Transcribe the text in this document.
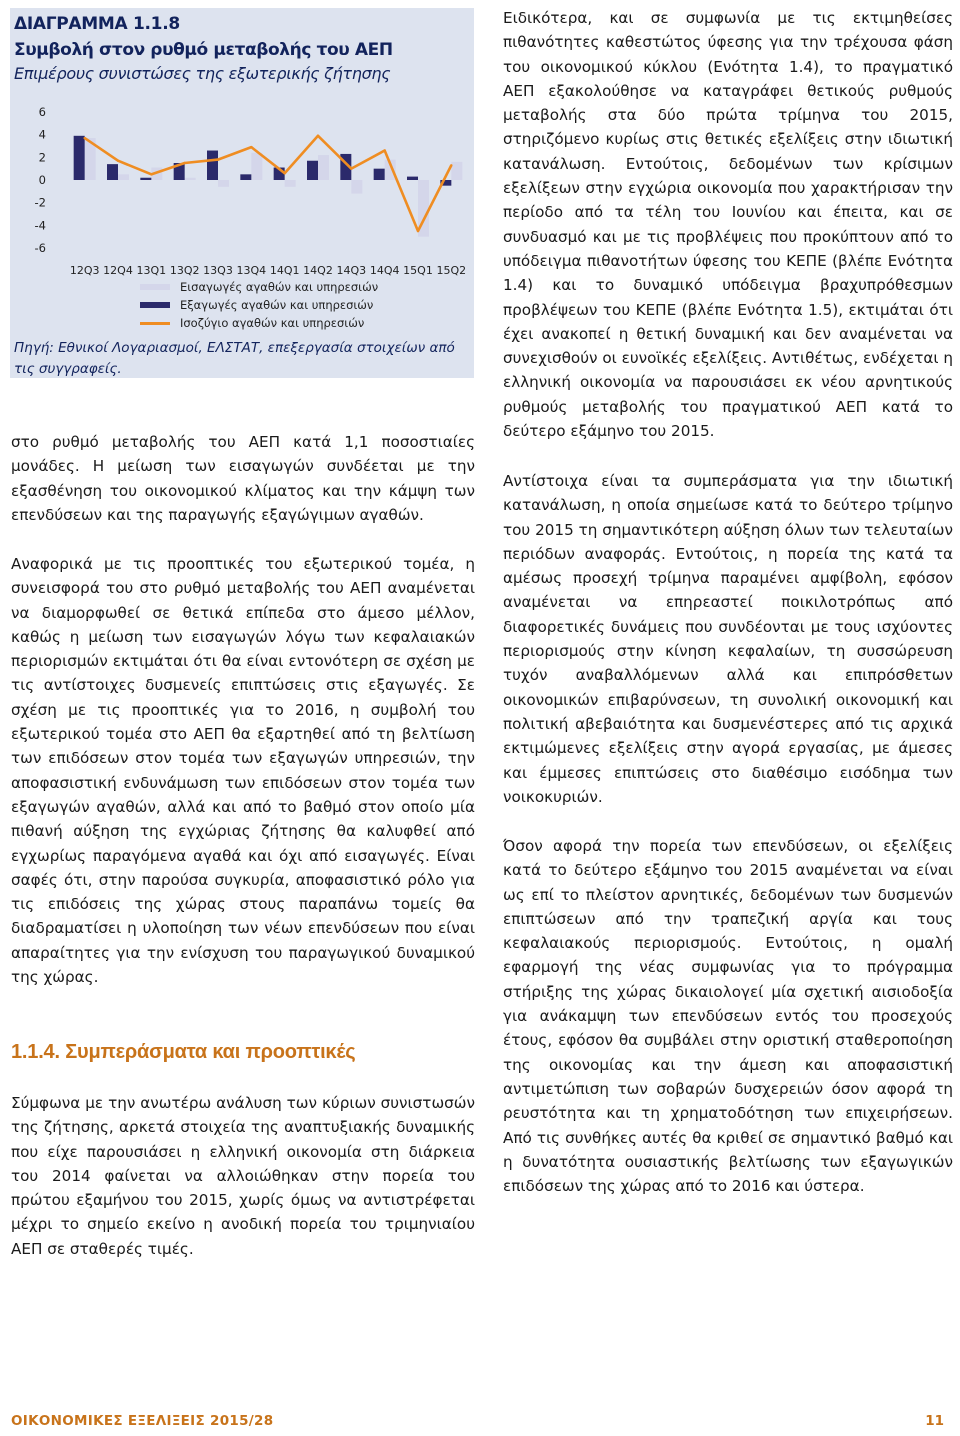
ΔΙΑΓΡΑΜΜΑ 1.1.8
Συμβολή στον ρυθμό μεταβολής του ΑΕΠ
Επιμέρους συνιστώσες της εξωτερικής ζήτησης
6
4
2
0
-2
-4
-6
12Q3 12Q4 13Q1 13Q2 13Q3 13Q4 14Q1 14Q2 14Q3 14Q4 15Q1 15Q2
Εισαγωγές αγαθών και υπηρεσιών
Εξαγωγές αγαθών και υπηρεσιών
Ισοζύγιο αγαθών και υπηρεσιών

Πηγή: Εθνικοί Λογαριασμοί, ΕΛΣΤΑΤ, επεξεργασία στοιχείων από τις συγγραφείς.

στο ρυθμό μεταβολής του ΑΕΠ κατά 1,1 ποσοστιαίες μονάδες. Η μείωση των εισαγωγών συνδέεται με την εξασθένηση του οικονομικού κλίματος και την κάμψη των επενδύσεων και της παραγωγής εξαγώγιμων αγαθών.

Αναφορικά με τις προοπτικές του εξωτερικού τομέα, η συνεισφορά του στο ρυθμό μεταβολής του ΑΕΠ αναμένεται να διαμορφωθεί σε θετικά επίπεδα στο άμεσο μέλλον, καθώς η μείωση των εισαγωγών λόγω των κεφαλαιακών περιορισμών εκτιμάται ότι θα είναι εντονότερη σε σχέση με τις αντίστοιχες δυσμενείς επιπτώσεις στις εξαγωγές. Σε σχέση με τις προοπτικές για το 2016, η συμβολή του εξωτερικού τομέα στο ΑΕΠ θα εξαρτηθεί από τη βελτίωση των επιδόσεων στον τομέα των εξαγωγών υπηρεσιών, την αποφασιστική ενδυνάμωση των επιδόσεων στον τομέα των εξαγωγών αγαθών, αλλά και από το βαθμό στον οποίο μία πιθανή αύξηση της εγχώριας ζήτησης θα καλυφθεί από εγχωρίως παραγόμενα αγαθά και όχι από εισαγωγές. Είναι σαφές ότι, στην παρούσα συγκυρία, αποφασιστικό ρόλο για τις επιδόσεις της χώρας στους παραπάνω τομείς θα διαδραματίσει η υλοποίηση των νέων επενδύσεων που είναι απαραίτητες για την ενίσχυση του παραγωγικού δυναμικού της χώρας.

1.1.4. Συμπεράσματα και προοπτικές

Σύμφωνα με την ανωτέρω ανάλυση των κύριων συνιστωσών της ζήτησης, αρκετά στοιχεία της αναπτυξιακής δυναμικής που είχε παρουσιάσει η ελληνική οικονομία στη διάρκεια του 2014 φαίνεται να αλλοιώθηκαν στην πορεία του πρώτου εξαμήνου του 2015, χωρίς όμως να αντιστρέφεται μέχρι το σημείο εκείνο η ανοδική πορεία του τριμηνιαίου ΑΕΠ σε σταθερές τιμές.

Ειδικότερα, και σε συμφωνία με τις εκτιμηθείσες πιθανότητες καθεστώτος ύφεσης για την τρέχουσα φάση του οικονομικού κύκλου (Ενότητα 1.4), το πραγματικό ΑΕΠ εξακολούθησε να καταγράφει θετικούς ρυθμούς μεταβολής στα δύο πρώτα τρίμηνα του 2015, στηριζόμενο κυρίως στις θετικές εξελίξεις στην ιδιωτική κατανάλωση. Εντούτοις, δεδομένων των κρίσιμων εξελίξεων στην εγχώρια οικονομία που χαρακτήρισαν την περίοδο από τα τέλη του Ιουνίου και έπειτα, και σε συνδυασμό και με τις προβλέψεις που προκύπτουν από το υπόδειγμα πιθανοτήτων ύφεσης του ΚΕΠΕ (βλέπε Ενότητα 1.4) και το δυναμικό υπόδειγμα βραχυπρόθεσμων προβλέψεων του ΚΕΠΕ (βλέπε Ενότητα 1.5), εκτιμάται ότι έχει ανακοπεί η θετική δυναμική και δεν αναμένεται να συνεχισθούν οι ευνοϊκές εξελίξεις. Αντιθέτως, ενδέχεται η ελληνική οικονομία να παρουσιάσει εκ νέου αρνητικούς ρυθμούς μεταβολής του πραγματικού ΑΕΠ κατά το δεύτερο εξάμηνο του 2015.

Αντίστοιχα είναι τα συμπεράσματα για την ιδιωτική κατανάλωση, η οποία σημείωσε κατά το δεύτερο τρίμηνο του 2015 τη σημαντικότερη αύξηση όλων των τελευταίων περιόδων αναφοράς. Εντούτοις, η πορεία της κατά τα αμέσως προσεχή τρίμηνα παραμένει αμφίβολη, εφόσον αναμένεται να επηρεαστεί ποικιλοτρόπως από διαφορετικές δυνάμεις που συνδέονται με τους ισχύοντες περιορισμούς στην κίνηση κεφαλαίων, τη συσσώρευση τυχόν αναβαλλόμενων αλλά και επιπρόσθετων οικονομικών επιβαρύνσεων, τη συνολική οικονομική και πολιτική αβεβαιότητα και δυσμενέστερες από τις αρχικά εκτιμώμενες εξελίξεις στην αγορά εργασίας, με άμεσες και έμμεσες επιπτώσεις στο διαθέσιμο εισόδημα των νοικοκυριών.

Όσον αφορά την πορεία των επενδύσεων, οι εξελίξεις κατά το δεύτερο εξάμηνο του 2015 αναμένεται να είναι ως επί το πλείστον αρνητικές, δεδομένων των δυσμενών επιπτώσεων από την τραπεζική αργία και τους κεφαλαιακούς περιορισμούς. Εντούτοις, η ομαλή εφαρμογή της νέας συμφωνίας για το πρόγραμμα στήριξης της χώρας δικαιολογεί μία σχετική αισιοδοξία για ανάκαμψη των επενδύσεων εντός του προσεχούς έτους, εφόσον θα συμβάλει στην οριστική σταθεροποίηση της οικονομίας και την άμεση και αποφασιστική αντιμετώπιση των σοβαρών δυσχερειών όσον αφορά τη ρευστότητα και τη χρηματοδότηση των επιχειρήσεων. Από τις συνθήκες αυτές θα κριθεί σε σημαντικό βαθμό και η δυνατότητα ουσιαστικής βελτίωσης των εξαγωγικών επιδόσεων της χώρας από το 2016 και ύστερα.

ΟΙΚΟΝΟΜΙΚΕΣ ΕΞΕΛΙΞΕΙΣ 2015/28	11
